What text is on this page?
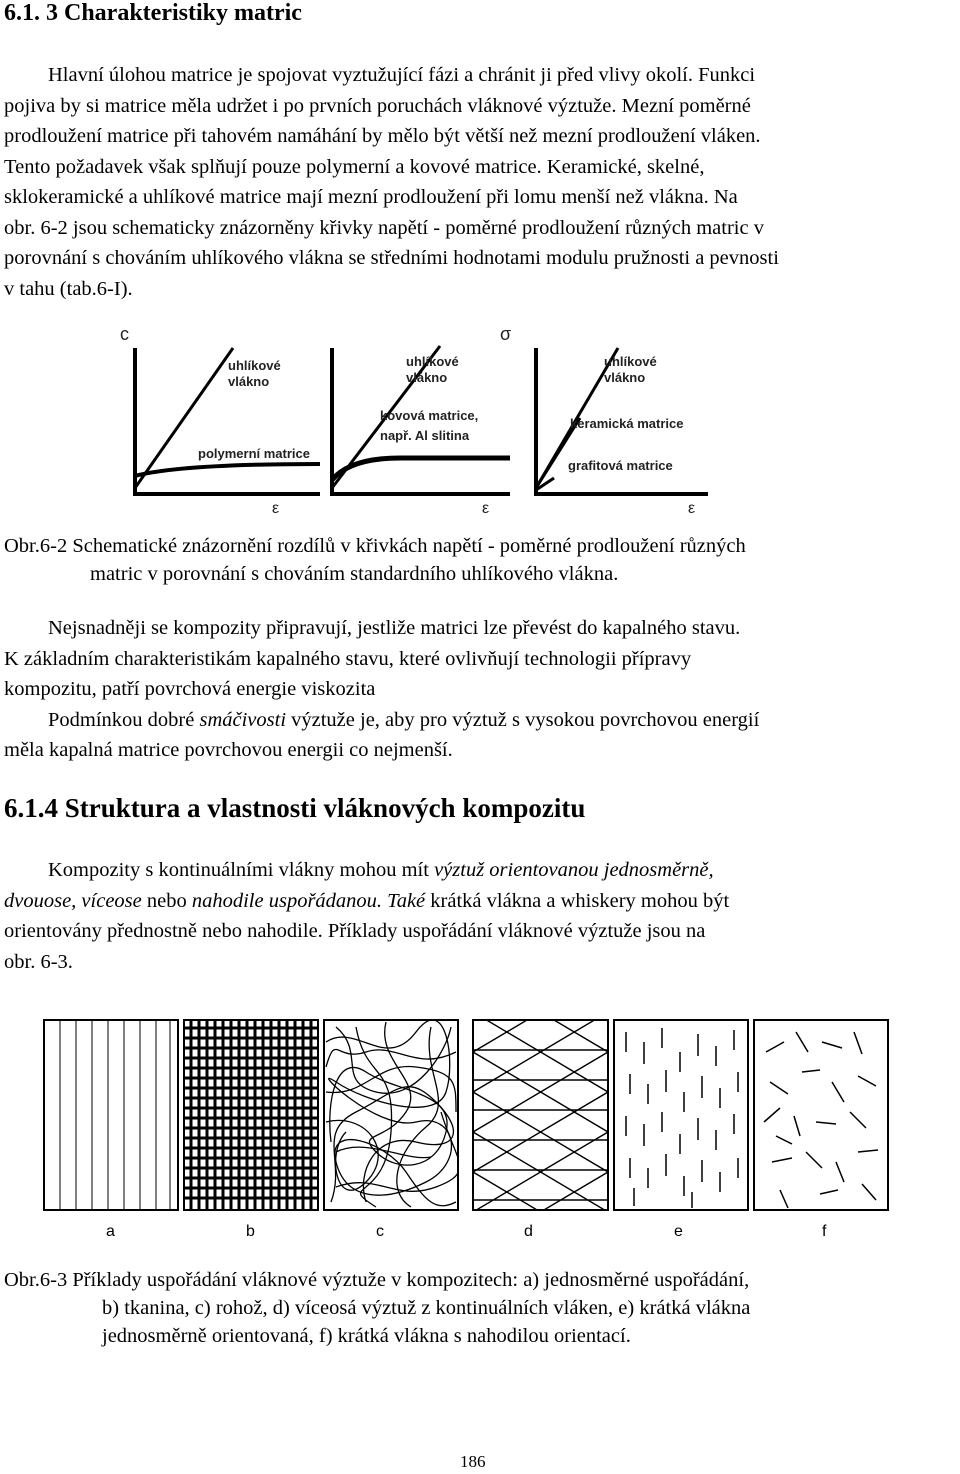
6.1. 3 Charakteristiky matric
Hlavní úlohou matrice je spojovat vyztužující fázi a chránit ji před vlivy okolí. Funkci
pojiva by si matrice měla udržet i po prvních poruchách vláknové výztuže. Mezní poměrné
prodloužení matrice při tahovém namáhání by mělo být větší než mezní prodloužení vláken.
Tento požadavek však splňují pouze polymerní a kovové matrice. Keramické, skelné,
sklokeramické a uhlíkové matrice mají mezní prodloužení při lomu menší než vlákna. Na
obr. 6-2 jsou schematicky znázorněny křivky napětí - poměrné prodloužení různých matric v
porovnání s chováním uhlíkového vlákna se středními hodnotami modulu pružnosti a pevnosti
v tahu (tab.6-I).
c
ε
uhlíkové
vlákno
polymerní matrice
σ
ε
uhlíkové
vlákno
kovová matrice,
např. Al slitina
ε
uhlíkové
vlákno
keramická matrice
grafitová matrice
Obr.6-2 Schematické znázornění rozdílů v křivkách napětí - poměrné prodloužení různých
matric v porovnání s chováním standardního uhlíkového vlákna.
Nejsnadněji se kompozity připravují, jestliže matrici lze převést do kapalného stavu.
K základním charakteristikám kapalného stavu, které ovlivňují technologii přípravy
kompozitu, patří povrchová energie viskozita
Podmínkou dobré smáčivosti výztuže je, aby pro výztuž s vysokou povrchovou energií
měla kapalná matrice povrchovou energii co nejmenší.
6.1.4 Struktura a vlastnosti vláknových kompozitu
Kompozity s kontinuálními vlákny mohou mít výztuž orientovanou jednosměrně,
dvouose, víceose nebo nahodile uspořádanou. Také krátká vlákna a whiskery mohou být
orientovány přednostně nebo nahodile. Příklady uspořádání vláknové výztuže jsou na
obr. 6-3.
a	b	c	d	e	f
Obr.6-3 Příklady uspořádání vláknové výztuže v kompozitech: a) jednosměrné uspořádání,
b) tkanina, c) rohož, d) víceosá výztuž z kontinuálních vláken, e) krátká vlákna
jednosměrně orientovaná, f) krátká vlákna s nahodilou orientací.
186
